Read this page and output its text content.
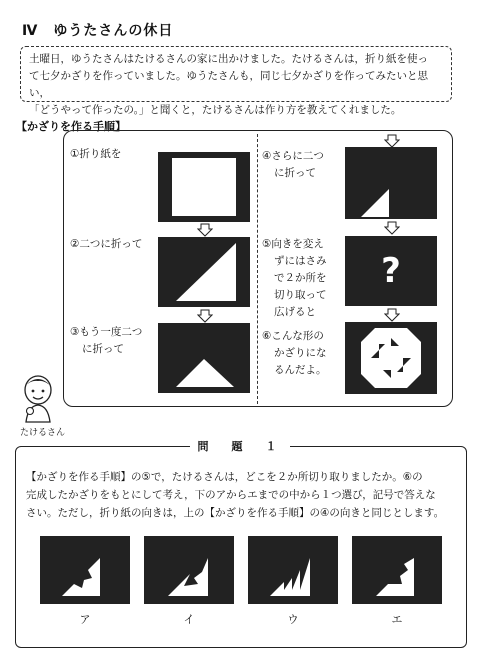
Ⅳ　ゆうたさんの休日
土曜日，ゆうたさんはたけるさんの家に出かけました。たけるさんは，折り紙を使っ
て七夕かざりを作っていました。ゆうたさんも，同じ七夕かざりを作ってみたいと思い，
「どうやって作ったの。」と聞くと，たけるさんは作り方を教えてくれました。
【かざりを作る手順】
①折り紙を
②二つに折って
③もう一度二つ
に折って
④さらに二つ
に折って
⑤向きを変え
ずにはさみ
で２か所を
切り取って
広げると
⑥こんな形の
かざりにな
るんだよ。
?
たけるさん
問　題　１
【かざりを作る手順】の⑤で，たけるさんは，どこを２か所切り取りましたか。⑥の
完成したかざりをもとにして考え，下のアからエまでの中から１つ選び，記号で答えな
さい。ただし，折り紙の向きは，上の【かざりを作る手順】の④の向きと同じとします。
ア	イ	ウ	エ
